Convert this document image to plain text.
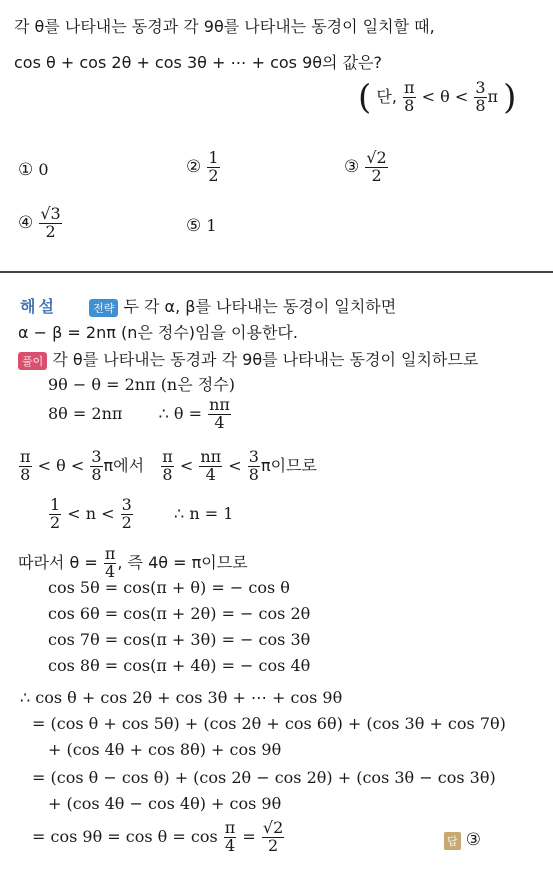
각 θ를 나타내는 동경과 각 9θ를 나타내는 동경이 일치할 때,
cos θ + cos 2θ + cos 3θ + ⋯ + cos 9θ의 값은?
( 단, $\frac{\pi}{8} < \theta < \frac{3}{8}$ π )
① 0	② $\frac{1}{2}$	③ $\frac{√2}{2}$
④ $\frac{√3}{2}$	⑤ 1
해설	전략 두 각 α, β를 나타내는 동경이 일치하면
α − β = 2nπ (n은 정수)임을 이용한다.
풀이 각 θ를 나타내는 동경과 각 9θ를 나타내는 동경이 일치하므로
9θ − θ = 2nπ (n은 정수)
8θ = 2nπ ∴ $\theta = \frac{n\pi}{4}$
$\frac{\pi}{8} < \theta < \frac{3}{8}$ π에서 $\frac{\pi}{8} < \frac{n\pi}{4} < \frac{3}{8}$ π이므로
$\frac{1}{2} < n < \frac{3}{2}$	∴ n = 1
따라서 $\theta = \frac{\pi}{4}$ , 즉 4θ = π이므로
cos 5θ = cos(π + θ) = − cos θ
cos 6θ = cos(π + 2θ) = − cos 2θ
cos 7θ = cos(π + 3θ) = − cos 3θ
cos 8θ = cos(π + 4θ) = − cos 4θ
∴ cos θ + cos 2θ + cos 3θ + ⋯ + cos 9θ
= (cos θ + cos 5θ) + (cos 2θ + cos 6θ) + (cos 3θ + cos 7θ)
+ (cos 4θ + cos 8θ) + cos 9θ
= (cos θ − cos θ) + (cos 2θ − cos 2θ) + (cos 3θ − cos 3θ)
+ (cos 4θ − cos 4θ) + cos 9θ
= $\cos 9\theta = \cos \theta = \cos \frac{\pi}{4} = \frac{√2}{2}$	답 ③
